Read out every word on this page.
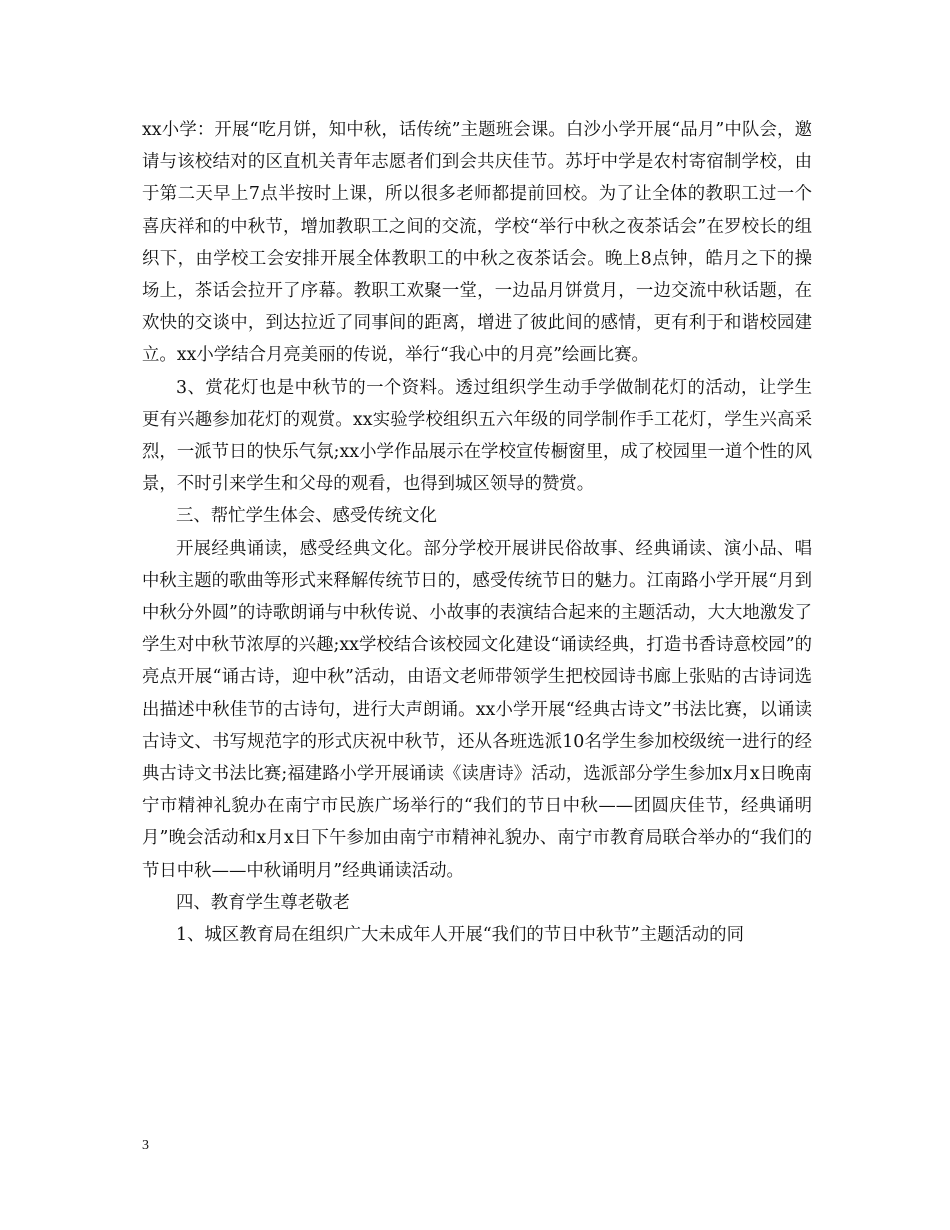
xx小学：开展“吃月饼，知中秋，话传统”主题班会课。白沙小学开展“品月”中队会，邀请与该校结对的区直机关青年志愿者们到会共庆佳节。苏圩中学是农村寄宿制学校，由于第二天早上7点半按时上课，所以很多老师都提前回校。为了让全体的教职工过一个喜庆祥和的中秋节，增加教职工之间的交流，学校“举行中秋之夜茶话会”在罗校长的组织下，由学校工会安排开展全体教职工的中秋之夜茶话会。晚上8点钟，皓月之下的操场上，茶话会拉开了序幕。教职工欢聚一堂，一边品月饼赏月，一边交流中秋话题，在欢快的交谈中，到达拉近了同事间的距离，增进了彼此间的感情，更有利于和谐校园建立。xx小学结合月亮美丽的传说，举行“我心中的月亮”绘画比赛。

3、赏花灯也是中秋节的一个资料。透过组织学生动手学做制花灯的活动，让学生更有兴趣参加花灯的观赏。xx实验学校组织五六年级的同学制作手工花灯，学生兴高采烈，一派节日的快乐气氛;xx小学作品展示在学校宣传橱窗里，成了校园里一道个性的风景，不时引来学生和父母的观看，也得到城区领导的赞赏。

三、帮忙学生体会、感受传统文化

开展经典诵读，感受经典文化。部分学校开展讲民俗故事、经典诵读、演小品、唱中秋主题的歌曲等形式来释解传统节日的，感受传统节日的魅力。江南路小学开展“月到中秋分外圆”的诗歌朗诵与中秋传说、小故事的表演结合起来的主题活动，大大地激发了学生对中秋节浓厚的兴趣;xx学校结合该校园文化建设“诵读经典，打造书香诗意校园”的亮点开展“诵古诗，迎中秋”活动，由语文老师带领学生把校园诗书廊上张贴的古诗词选出描述中秋佳节的古诗句，进行大声朗诵。xx小学开展“经典古诗文”书法比赛，以诵读古诗文、书写规范字的形式庆祝中秋节，还从各班选派10名学生参加校级统一进行的经典古诗文书法比赛;福建路小学开展诵读《读唐诗》活动，选派部分学生参加x月x日晚南宁市精神礼貌办在南宁市民族广场举行的“我们的节日中秋——团圆庆佳节，经典诵明月”晚会活动和x月x日下午参加由南宁市精神礼貌办、南宁市教育局联合举办的“我们的节日中秋——中秋诵明月”经典诵读活动。

四、教育学生尊老敬老

1、城区教育局在组织广大未成年人开展“我们的节日中秋节”主题活动的同

3
